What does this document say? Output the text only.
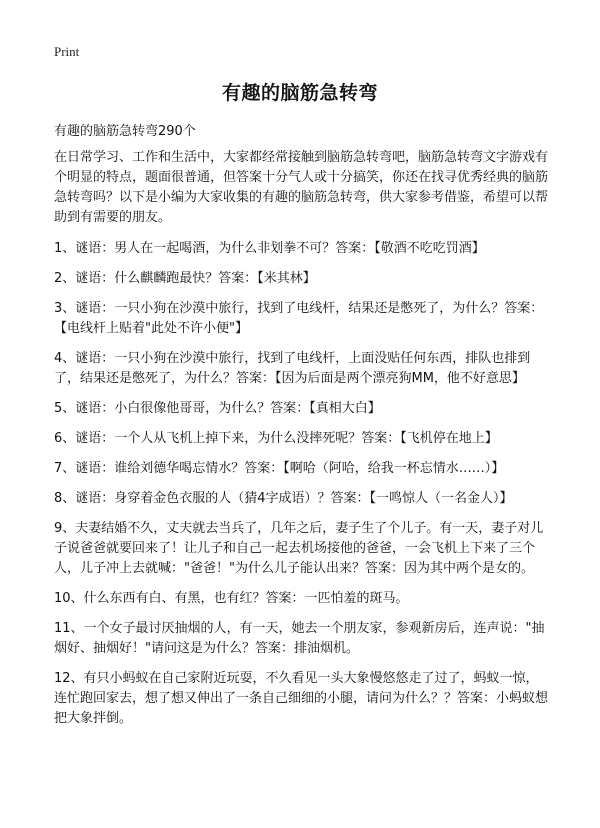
Print
有趣的脑筋急转弯
有趣的脑筋急转弯290个

在日常学习、工作和生活中，大家都经常接触到脑筋急转弯吧，脑筋急转弯文字游戏有个明显的特点，题面很普通，但答案十分气人或十分搞笑，你还在找寻优秀经典的脑筋急转弯吗？以下是小编为大家收集的有趣的脑筋急转弯，供大家参考借鉴，希望可以帮助到有需要的朋友。

1、谜语：男人在一起喝酒，为什么非划拳不可？答案：【敬酒不吃吃罚酒】

2、谜语：什么麒麟跑最快？答案：【米其林】

3、谜语：一只小狗在沙漠中旅行，找到了电线杆，结果还是憋死了，为什么？答案：【电线杆上贴着"此处不许小便"】

4、谜语：一只小狗在沙漠中旅行，找到了电线杆，上面没贴任何东西，排队也排到了，结果还是憋死了，为什么？答案：【因为后面是两个漂亮狗MM，他不好意思】

5、谜语：小白很像他哥哥，为什么？答案：【真相大白】

6、谜语：一个人从飞机上掉下来，为什么没摔死呢？答案：【飞机停在地上】

7、谜语：谁给刘德华喝忘情水？答案：【啊哈（阿哈，给我一杯忘情水……）】

8、谜语：身穿着金色衣服的人（猜4字成语）？答案：【一鸣惊人（一名金人）】

9、夫妻结婚不久，丈夫就去当兵了，几年之后，妻子生了个儿子。有一天，妻子对儿子说爸爸就要回来了！让儿子和自己一起去机场接他的爸爸，一会飞机上下来了三个人，儿子冲上去就喊："爸爸！"为什么儿子能认出来？答案：因为其中两个是女的。

10、什么东西有白、有黑，也有红？答案：一匹怕羞的斑马。

11、一个女子最讨厌抽烟的人，有一天，她去一个朋友家，参观新房后，连声说："抽烟好、抽烟好！"请问这是为什么？答案：排油烟机。

12、有只小蚂蚁在自己家附近玩耍，不久看见一头大象慢悠悠走了过了，蚂蚁一惊，连忙跑回家去，想了想又伸出了一条自己细细的小腿，请问为什么？？答案：小蚂蚁想把大象拌倒。
